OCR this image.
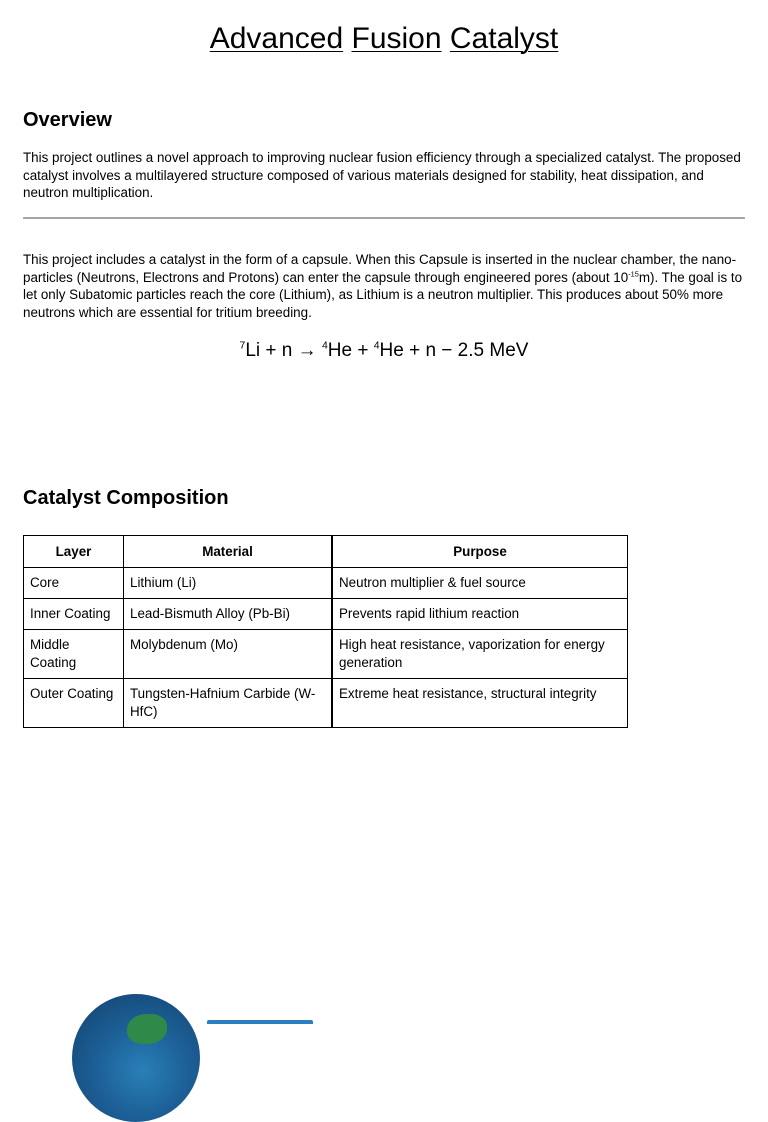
Advanced Fusion Catalyst
Overview

This project outlines a novel approach to improving nuclear fusion efficiency through a specialized catalyst. The proposed catalyst involves a multilayered structure composed of various materials designed for stability, heat dissipation, and neutron multiplication.

This project includes a catalyst in the form of a capsule. When this Capsule is inserted in the nuclear chamber, the nano-particles (Neutrons, Electrons and Protons) can enter the capsule through engineered pores (about $10^{-15}m$). The goal is to let only Subatomic particles reach the core (Lithium), as Lithium is a neutron multiplier. This produces about 50% more neutrons which are essential for tritium breeding.

$^7$Li + n → $^4$He + $^4$He + n − 2.5 MeV

Catalyst Composition
Layer	Material	Purpose
Core	Lithium (Li)	Neutron multiplier & fuel source
Inner Coating	Lead-Bismuth Alloy (Pb-Bi)	Prevents rapid lithium reaction
Middle Coating	Molybdenum (Mo)	High heat resistance, vaporization for energy generation
Outer Coating	Tungsten-Hafnium Carbide (W-HfC)	Extreme heat resistance, structural integrity
